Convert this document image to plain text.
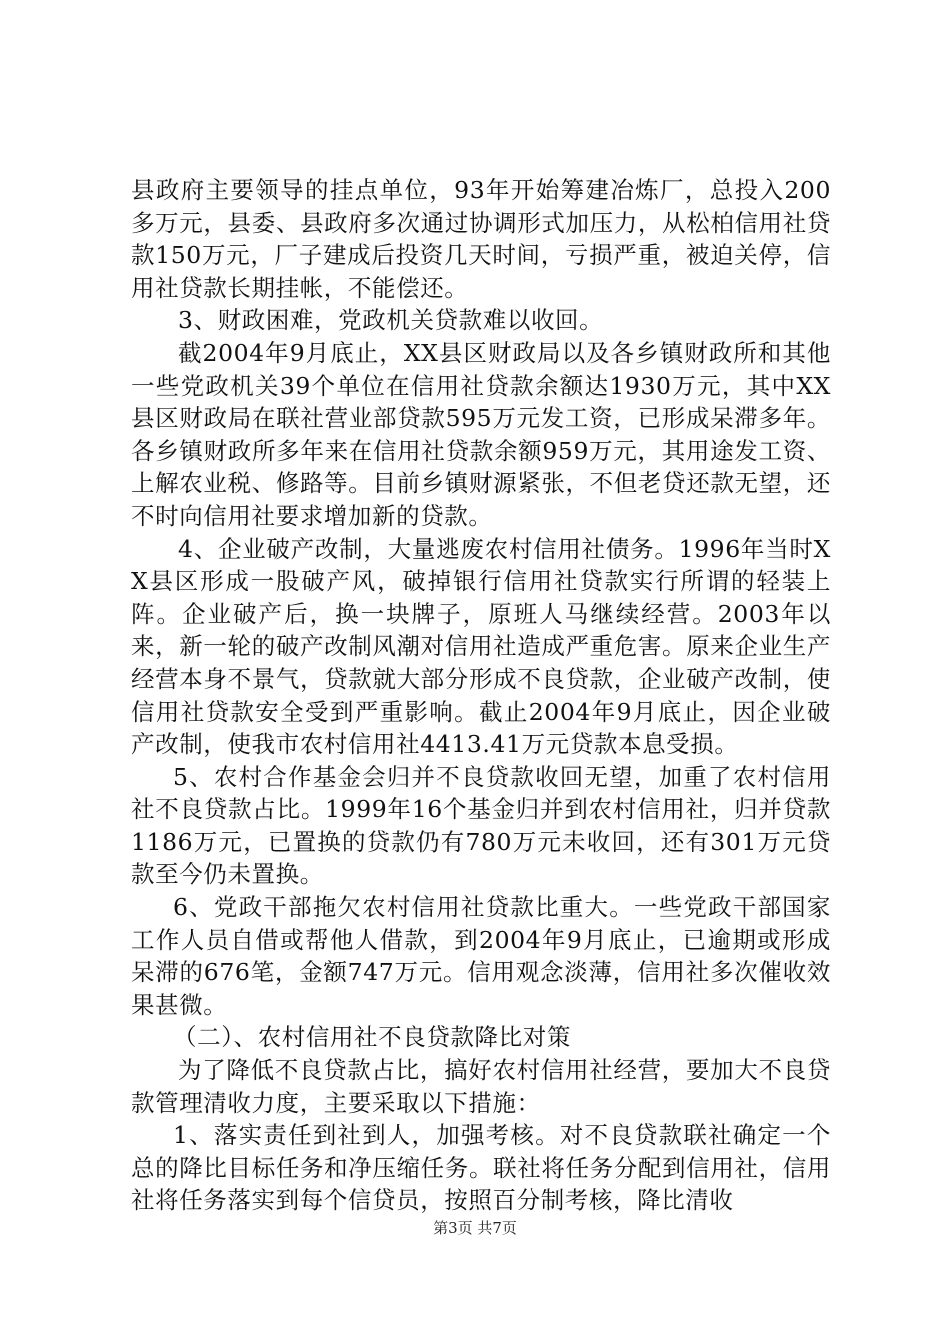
县政府主要领导的挂点单位，93年开始筹建冶炼厂，总投入200多万元，县委、县政府多次通过协调形式加压力，从松柏信用社贷款150万元，厂子建成后投资几天时间，亏损严重，被迫关停，信用社贷款长期挂帐，不能偿还。

3、财政困难，党政机关贷款难以收回。

截2004年9月底止，XX县区财政局以及各乡镇财政所和其他一些党政机关39个单位在信用社贷款余额达1930万元，其中XX县区财政局在联社营业部贷款595万元发工资，已形成呆滞多年。各乡镇财政所多年来在信用社贷款余额959万元，其用途发工资、上解农业税、修路等。目前乡镇财源紧张，不但老贷还款无望，还不时向信用社要求增加新的贷款。

4、企业破产改制，大量逃废农村信用社债务。1996年当时XX县区形成一股破产风，破掉银行信用社贷款实行所谓的轻装上阵。企业破产后，换一块牌子，原班人马继续经营。2003年以来，新一轮的破产改制风潮对信用社造成严重危害。原来企业生产经营本身不景气，贷款就大部分形成不良贷款，企业破产改制，使信用社贷款安全受到严重影响。截止2004年9月底止，因企业破产改制，使我市农村信用社4413.41万元贷款本息受损。

5、农村合作基金会归并不良贷款收回无望，加重了农村信用社不良贷款占比。1999年16个基金归并到农村信用社，归并贷款1186万元，已置换的贷款仍有780万元未收回，还有301万元贷款至今仍未置换。

6、党政干部拖欠农村信用社贷款比重大。一些党政干部国家工作人员自借或帮他人借款，到2004年9月底止，已逾期或形成呆滞的676笔，金额747万元。信用观念淡薄，信用社多次催收效果甚微。

（二）、农村信用社不良贷款降比对策

为了降低不良贷款占比，搞好农村信用社经营，要加大不良贷款管理清收力度，主要采取以下措施：

1、落实责任到社到人，加强考核。对不良贷款联社确定一个总的降比目标任务和净压缩任务。联社将任务分配到信用社，信用社将任务落实到每个信贷员，按照百分制考核，降比清收

第3页 共7页
